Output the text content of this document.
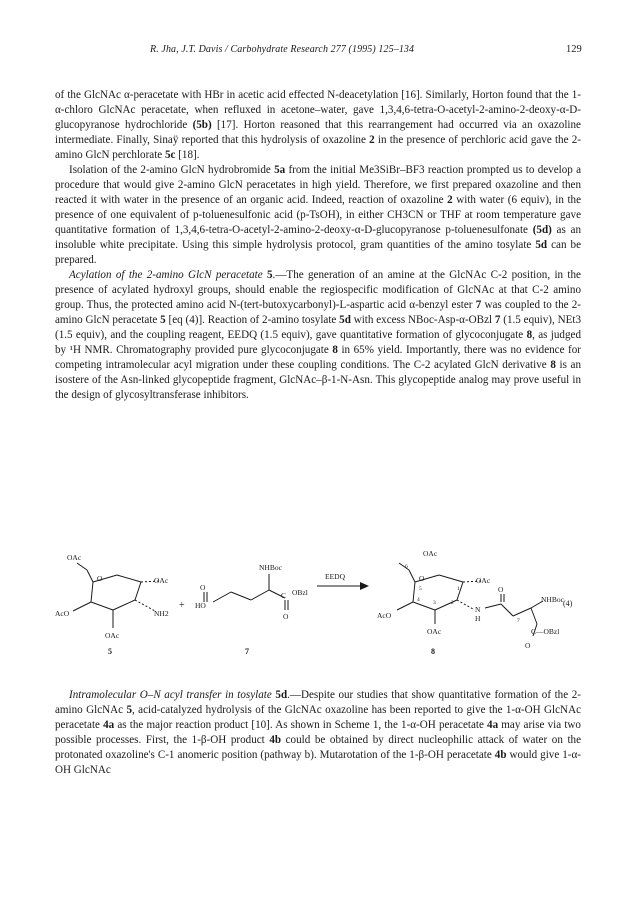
R. Jha, J.T. Davis / Carbohydrate Research 277 (1995) 125–134	129

of the GlcNAc α-peracetate with HBr in acetic acid effected N-deacetylation [16]. Similarly, Horton found that the 1-α-chloro GlcNAc peracetate, when refluxed in acetone–water, gave 1,3,4,6-tetra-O-acetyl-2-amino-2-deoxy-α-D-glucopyranose hydrochloride (5b) [17]. Horton reasoned that this rearrangement had occurred via an oxazoline intermediate. Finally, Sinaÿ reported that this hydrolysis of oxazoline 2 in the presence of perchloric acid gave the 2-amino GlcN perchlorate 5c [18].

Isolation of the 2-amino GlcN hydrobromide 5a from the initial Me3SiBr–BF3 reaction prompted us to develop a procedure that would give 2-amino GlcN peracetates in high yield. Therefore, we first prepared oxazoline and then reacted it with water in the presence of an organic acid. Indeed, reaction of oxazoline 2 with water (6 equiv), in the presence of one equivalent of p-toluenesulfonic acid (p-TsOH), in either CH3CN or THF at room temperature gave quantitative formation of 1,3,4,6-tetra-O-acetyl-2-amino-2-deoxy-α-D-glucopyranose p-toluenesulfonate (5d) as an insoluble white precipitate. Using this simple hydrolysis protocol, gram quantities of the amino tosylate 5d can be prepared.

Acylation of the 2-amino GlcN peracetate 5.—The generation of an amine at the GlcNAc C-2 position, in the presence of acylated hydroxyl groups, should enable the regiospecific modification of GlcNAc at that C-2 amino group. Thus, the protected amino acid N-(tert-butoxycarbonyl)-L-aspartic acid α-benzyl ester 7 was coupled to the 2-amino GlcN peracetate 5 [eq (4)]. Reaction of 2-amino tosylate 5d with excess NBoc-Asp-α-OBzl 7 (1.5 equiv), NEt3 (1.5 equiv), and the coupling reagent, EEDQ (1.5 equiv), gave quantitative formation of glycoconjugate 8, as judged by ¹H NMR. Chromatography provided pure glycoconjugate 8 in 65% yield. Importantly, there was no evidence for competing intramolecular acyl migration under these coupling conditions. The C-2 acylated GlcN derivative 8 is an isostere of the Asn-linked glycopeptide fragment, GlcNAc–β-1-N-Asn. This glycopeptide analog may prove useful in the design of glycosyltransferase inhibitors.

OAc
O	OAc
AcO	NH2
OAc
5
+
O
HO
NHBoc
C OBzl
O
7
EEDQ
OAc
6
O
5	1
OAc
4 3	2
AcO
N
H
O
OAc
7
NHBoc
C—OBzl
O
8
(4)

Intramolecular O–N acyl transfer in tosylate 5d.—Despite our studies that show quantitative formation of the 2-amino GlcNAc 5, acid-catalyzed hydrolysis of the GlcNAc oxazoline has been reported to give the 1-α-OH GlcNAc peracetate 4a as the major reaction product [10]. As shown in Scheme 1, the 1-α-OH peracetate 4a may arise via two possible processes. First, the 1-β-OH product 4b could be obtained by direct nucleophilic attack of water on the protonated oxazoline's C-1 anomeric position (pathway b). Mutarotation of the 1-β-OH peracetate 4b would give 1-α-OH GlcNAc
